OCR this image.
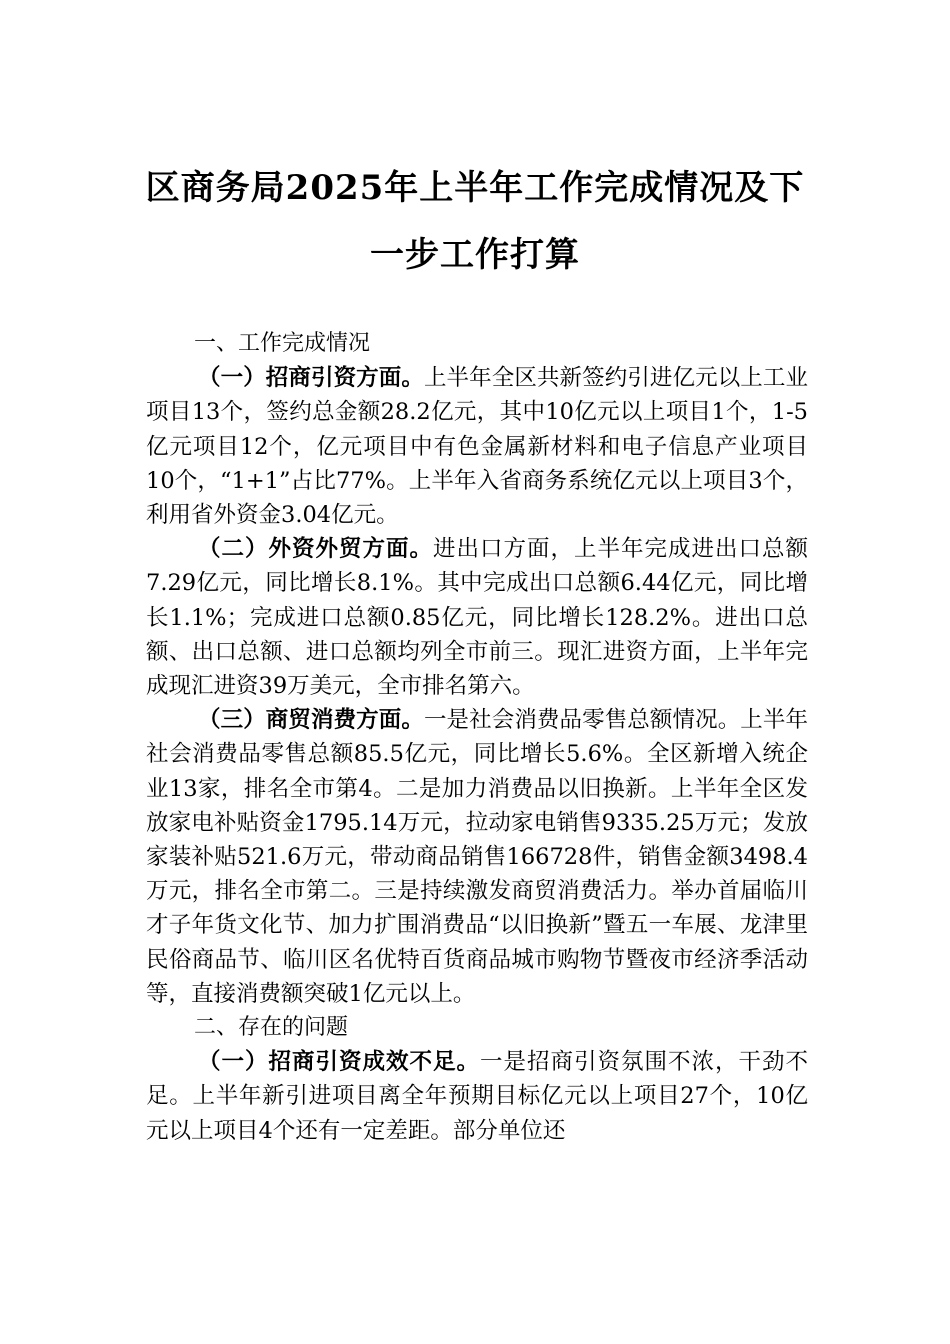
区商务局2025年上半年工作完成情况及下
一步工作打算

一、工作完成情况

（一）招商引资方面。上半年全区共新签约引进亿元以上工业项目13个，签约总金额28.2亿元，其中10亿元以上项目1个，1-5亿元项目12个，亿元项目中有色金属新材料和电子信息产业项目10个，“1+1”占比77%。上半年入省商务系统亿元以上项目3个，利用省外资金3.04亿元。

（二）外资外贸方面。进出口方面，上半年完成进出口总额7.29亿元，同比增长8.1%。其中完成出口总额6.44亿元，同比增长1.1%；完成进口总额0.85亿元，同比增长128.2%。进出口总额、出口总额、进口总额均列全市前三。现汇进资方面，上半年完成现汇进资39万美元，全市排名第六。

（三）商贸消费方面。一是社会消费品零售总额情况。上半年社会消费品零售总额85.5亿元，同比增长5.6%。全区新增入统企业13家，排名全市第4。二是加力消费品以旧换新。上半年全区发放家电补贴资金1795.14万元，拉动家电销售9335.25万元；发放家装补贴521.6万元，带动商品销售166728件，销售金额3498.4万元，排名全市第二。三是持续激发商贸消费活力。举办首届临川才子年货文化节、加力扩围消费品“以旧换新”暨五一车展、龙津里民俗商品节、临川区名优特百货商品城市购物节暨夜市经济季活动等，直接消费额突破1亿元以上。

二、存在的问题

（一）招商引资成效不足。一是招商引资氛围不浓，干劲不足。上半年新引进项目离全年预期目标亿元以上项目27个，10亿元以上项目4个还有一定差距。部分单位还
